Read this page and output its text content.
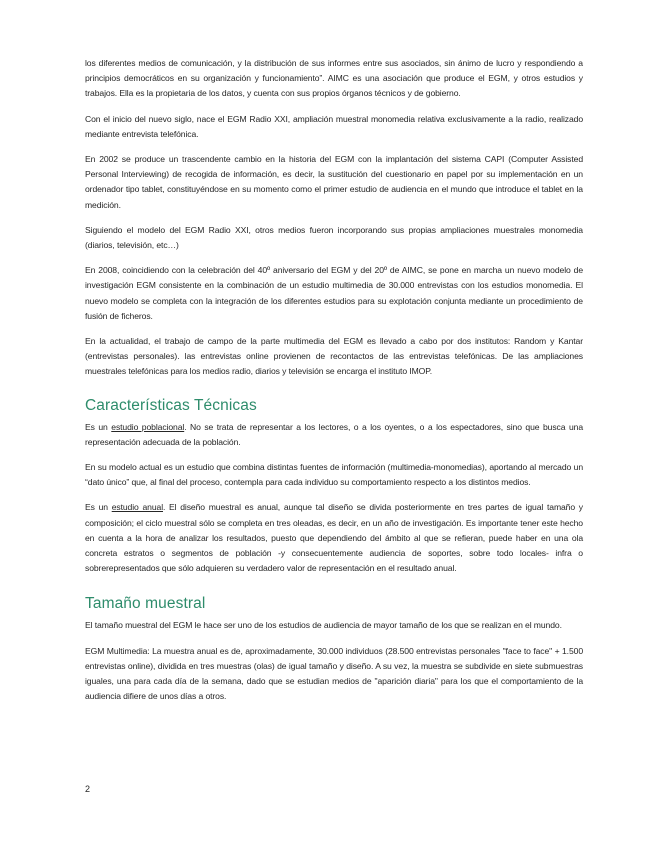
los diferentes medios de comunicación, y la distribución de sus informes entre sus asociados, sin ánimo de lucro y respondiendo a principios democráticos en su organización y funcionamiento”. AIMC es una asociación que produce el EGM, y otros estudios y trabajos. Ella es la propietaria de los datos, y cuenta con sus propios órganos técnicos y de gobierno.

Con el inicio del nuevo siglo, nace el EGM Radio XXI, ampliación muestral monomedia relativa exclusivamente a la radio, realizado mediante entrevista telefónica.

En 2002 se produce un trascendente cambio en la historia del EGM con la implantación del sistema CAPI (Computer Assisted Personal Interviewing) de recogida de información, es decir, la sustitución del cuestionario en papel por su implementación en un ordenador tipo tablet, constituyéndose en su momento como el primer estudio de audiencia en el mundo que introduce el tablet en la medición.

Siguiendo el modelo del EGM Radio XXI, otros medios fueron incorporando sus propias ampliaciones muestrales monomedia (diarios, televisión, etc…)

En 2008, coincidiendo con la celebración del 40º aniversario del EGM y del 20º de AIMC, se pone en marcha un nuevo modelo de investigación EGM consistente en la combinación de un estudio multimedia de 30.000 entrevistas con los estudios monomedia. El nuevo modelo se completa con la integración de los diferentes estudios para su explotación conjunta mediante un procedimiento de fusión de ficheros.

En la actualidad, el trabajo de campo de la parte multimedia del EGM es llevado a cabo por dos institutos: Random y Kantar (entrevistas personales). las entrevistas online provienen de recontactos de las entrevistas telefónicas. De las ampliaciones muestrales telefónicas para los medios radio, diarios y televisión se encarga el instituto IMOP.

Características Técnicas

Es un estudio poblacional. No se trata de representar a los lectores, o a los oyentes, o a los espectadores, sino que busca una representación adecuada de la población.

En su modelo actual es un estudio que combina distintas fuentes de información (multimedia-monomedias), aportando al mercado un “dato único” que, al final del proceso, contempla para cada individuo su comportamiento respecto a los distintos medios.

Es un estudio anual. El diseño muestral es anual, aunque tal diseño se divida posteriormente en tres partes de igual tamaño y composición; el ciclo muestral sólo se completa en tres oleadas, es decir, en un año de investigación. Es importante tener este hecho en cuenta a la hora de analizar los resultados, puesto que dependiendo del ámbito al que se refieran, puede haber en una ola concreta estratos o segmentos de población -y consecuentemente audiencia de soportes, sobre todo locales- infra o sobrerepresentados que sólo adquieren su verdadero valor de representación en el resultado anual.

Tamaño muestral

El tamaño muestral del EGM le hace ser uno de los estudios de audiencia de mayor tamaño de los que se realizan en el mundo.

EGM Multimedia: La muestra anual es de, aproximadamente, 30.000 individuos (28.500 entrevistas personales "face to face" + 1.500 entrevistas online), dividida en tres muestras (olas) de igual tamaño y diseño. A su vez, la muestra se subdivide en siete submuestras iguales, una para cada día de la semana, dado que se estudian medios de "aparición diaria" para los que el comportamiento de la audiencia difiere de unos días a otros.

2
